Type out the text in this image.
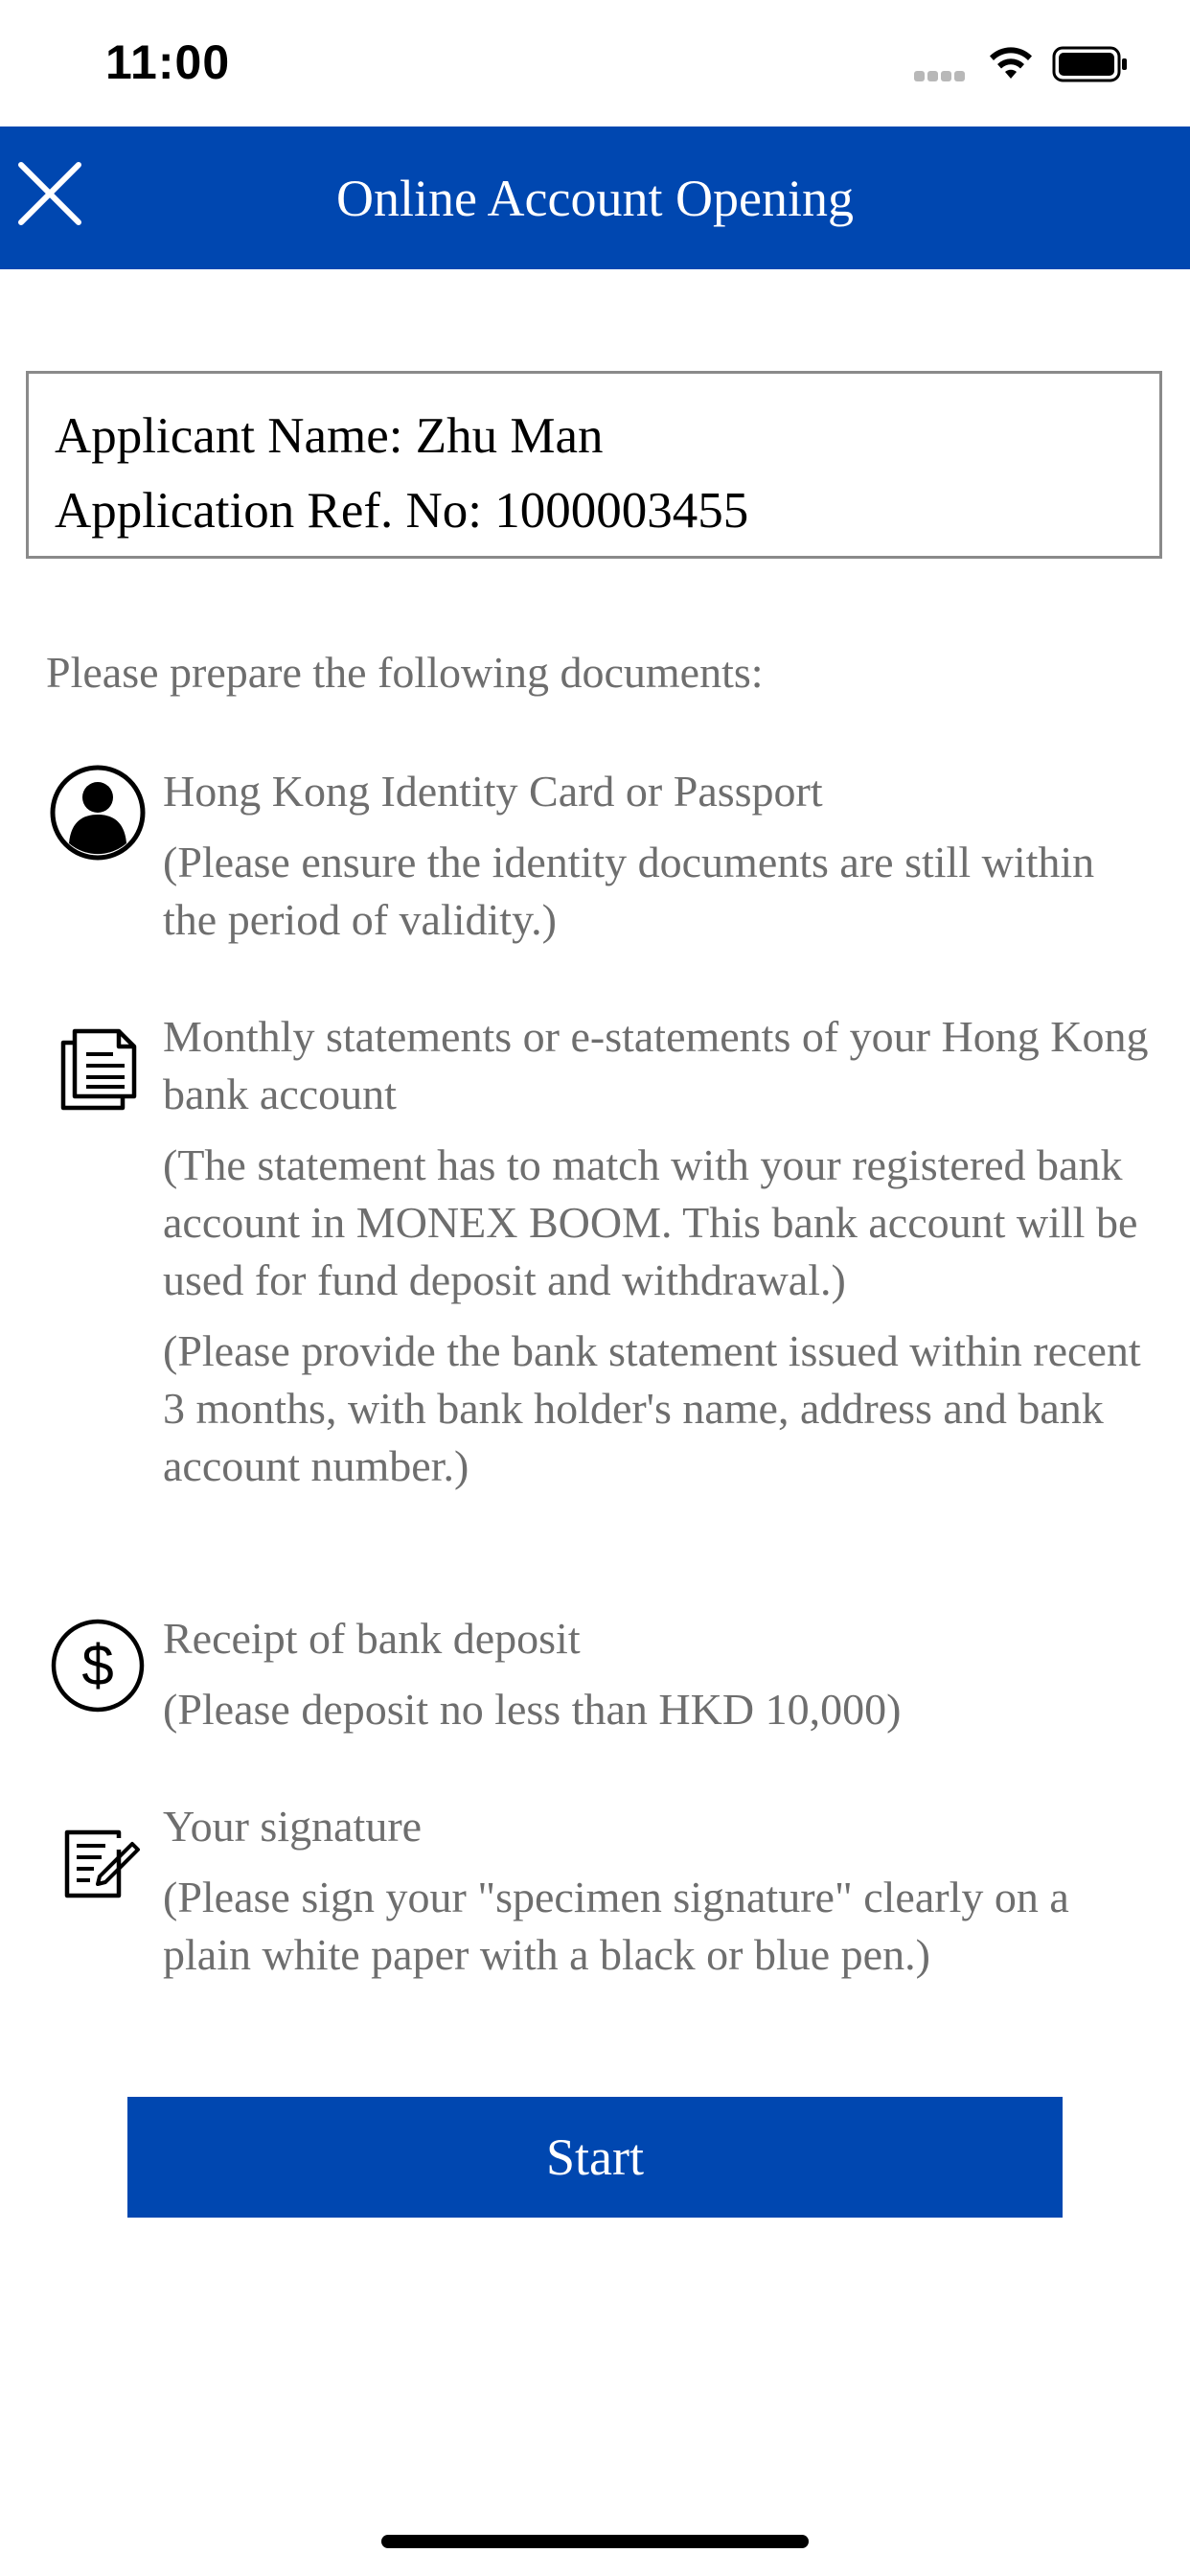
11:00
Online Account Opening
Applicant Name: Zhu Man
Application Ref. No: 1000003455
Please prepare the following documents:

Hong Kong Identity Card or Passport

(Please ensure the identity documents are still within the period of validity.)

Monthly statements or e-statements of your Hong Kong bank account

(The statement has to match with your registered bank account in MONEX BOOM. This bank account will be used for fund deposit and withdrawal.)

(Please provide the bank statement issued within recent 3 months, with bank holder's name, address and bank account number.)

$ Receipt of bank deposit

(Please deposit no less than HKD 10,000)

Your signature

(Please sign your "specimen signature" clearly on a plain white paper with a black or blue pen.)

Start
